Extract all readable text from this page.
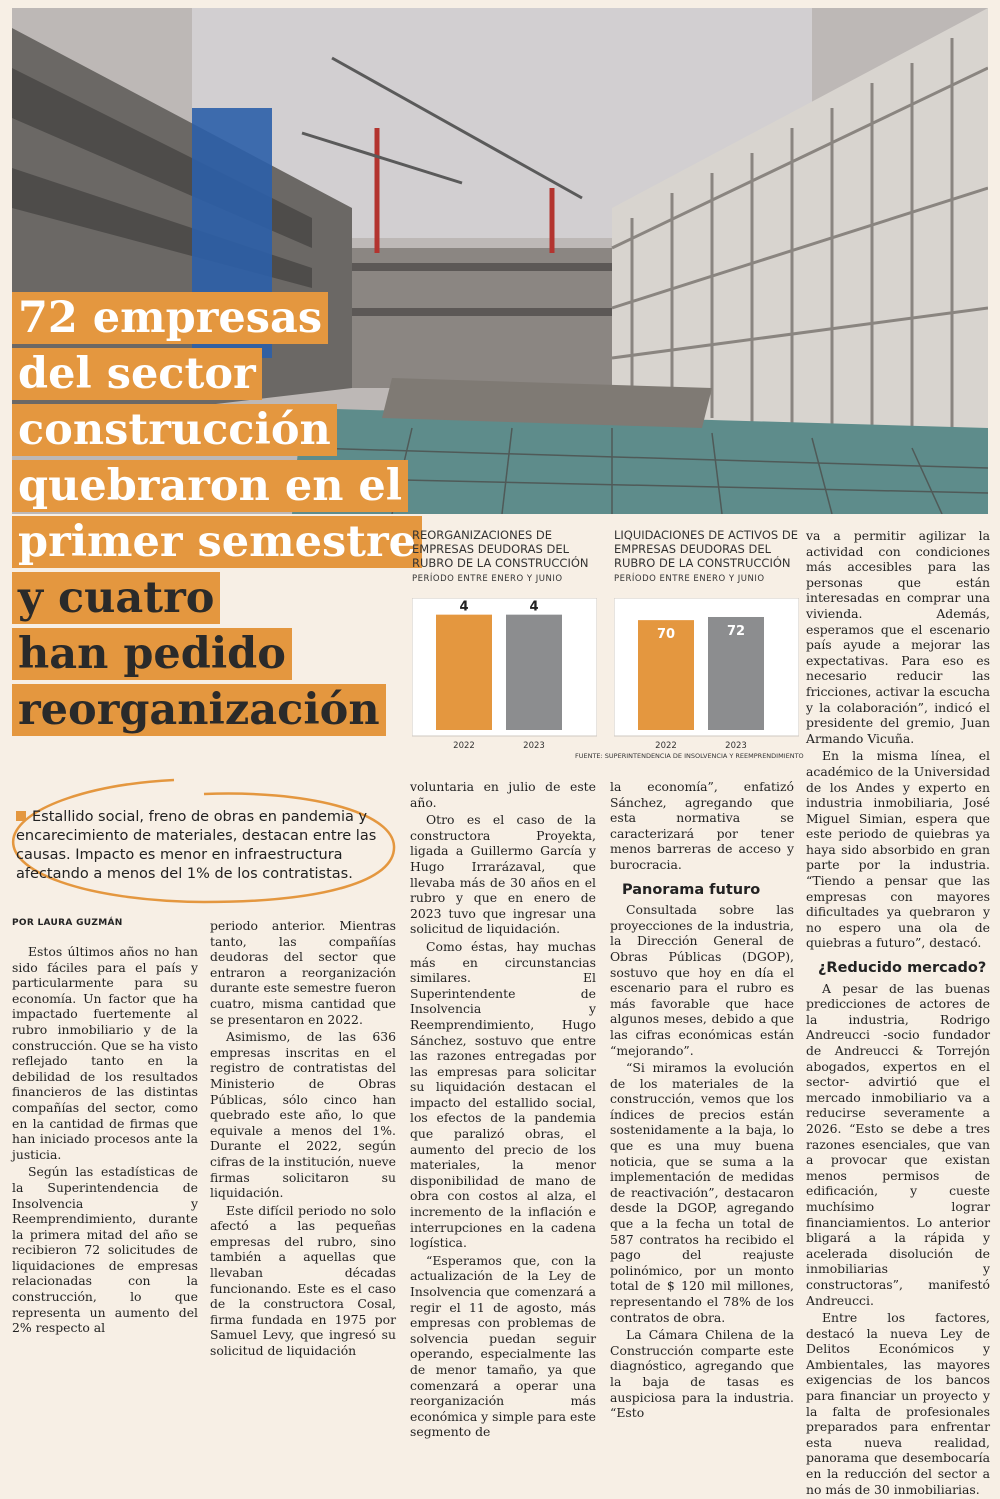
72 empresas
del sector
construcción
quebraron en el
primer semestre
y cuatro
han pedido
reorganización
Estallido social, freno de obras en pandemia y encarecimiento de materiales, destacan entre las causas. Impacto es menor en infraestructura afectando a menos del 1% de los contratistas.
POR LAURA GUZMÁN
REORGANIZACIONES DE EMPRESAS DEUDORAS DEL RUBRO DE LA CONSTRUCCIÓN
PERÍODO ENTRE ENERO Y JUNIO
4
2022
4
2023
LIQUIDACIONES DE ACTIVOS DE EMPRESAS DEUDORAS DEL RUBRO DE LA CONSTRUCCIÓN
PERÍODO ENTRE ENERO Y JUNIO
70
2022
72
2023
FUENTE: SUPERINTENDENCIA DE INSOLVENCIA Y REEMPRENDIMIENTO

Estos últimos años no han sido fáciles para el país y particularmente para su economía. Un factor que ha impactado fuertemente al rubro inmobiliario y de la construcción. Que se ha visto reflejado tanto en la debilidad de los resultados financieros de las distintas compañías del sector, como en la cantidad de firmas que han iniciado procesos ante la justicia.

Según las estadísticas de la Superintendencia de Insolvencia y Reemprendimiento, durante la primera mitad del año se recibieron 72 solicitudes de liquidaciones de empresas relacionadas con la construcción, lo que representa un aumento del 2% respecto al

periodo anterior. Mientras tanto, las compañías deudoras del sector que entraron a reorganización durante este semestre fueron cuatro, misma cantidad que se presentaron en 2022.

Asimismo, de las 636 empresas inscritas en el registro de contratistas del Ministerio de Obras Públicas, sólo cinco han quebrado este año, lo que equivale a menos del 1%. Durante el 2022, según cifras de la institución, nueve firmas solicitaron su liquidación.

Este difícil periodo no solo afectó a las pequeñas empresas del rubro, sino también a aquellas que llevaban décadas funcionando. Este es el caso de la constructora Cosal, firma fundada en 1975 por Samuel Levy, que ingresó su solicitud de liquidación

voluntaria en julio de este año.

Otro es el caso de la constructora Proyekta, ligada a Guillermo García y Hugo Irrarázaval, que llevaba más de 30 años en el rubro y que en enero de 2023 tuvo que ingresar una solicitud de liquidación.

Como éstas, hay muchas más en circunstancias similares. El Superintendente de Insolvencia y Reemprendimiento, Hugo Sánchez, sostuvo que entre las razones entregadas por las empresas para solicitar su liquidación destacan el impacto del estallido social, los efectos de la pandemia que paralizó obras, el aumento del precio de los materiales, la menor disponibilidad de mano de obra con costos al alza, el incremento de la inflación e interrupciones en la cadena logística.

“Esperamos que, con la actualización de la Ley de Insolvencia que comenzará a regir el 11 de agosto, más empresas con problemas de solvencia puedan seguir operando, especialmente las de menor tamaño, ya que comenzará a operar una reorganización más económica y simple para este segmento de

la economía”, enfatizó Sánchez, agregando que esta normativa se caracterizará por tener menos barreras de acceso y burocracia.

Panorama futuro

Consultada sobre las proyecciones de la industria, la Dirección General de Obras Públicas (DGOP), sostuvo que hoy en día el escenario para el rubro es más favorable que hace algunos meses, debido a que las cifras económicas están “mejorando”.

“Si miramos la evolución de los materiales de la construcción, vemos que los índices de precios están sostenidamente a la baja, lo que es una muy buena noticia, que se suma a la implementación de medidas de reactivación”, destacaron desde la DGOP, agregando que a la fecha un total de 587 contratos ha recibido el pago del reajuste polinómico, por un monto total de $ 120 mil millones, representando el 78% de los contratos de obra.

La Cámara Chilena de la Construcción comparte este diagnóstico, agregando que la baja de tasas es auspiciosa para la industria. “Esto

va a permitir agilizar la actividad con condiciones más accesibles para las personas que están interesadas en comprar una vivienda. Además, esperamos que el escenario país ayude a mejorar las expectativas. Para eso es necesario reducir las fricciones, activar la escucha y la colaboración”, indicó el presidente del gremio, Juan Armando Vicuña.

En la misma línea, el académico de la Universidad de los Andes y experto en industria inmobiliaria, José Miguel Simian, espera que este periodo de quiebras ya haya sido absorbido en gran parte por la industria. “Tiendo a pensar que las empresas con mayores dificultades ya quebraron y no espero una ola de quiebras a futuro”, destacó.

¿Reducido mercado?

A pesar de las buenas predicciones de actores de la industria, Rodrigo Andreucci -socio fundador de Andreucci & Torrejón abogados, expertos en el sector- advirtió que el mercado inmobiliario va a reducirse severamente a 2026. “Esto se debe a tres razones esenciales, que van a provocar que existan menos permisos de edificación, y cueste muchísimo lograr financiamientos. Lo anterior bligará a la rápida y acelerada disolución de inmobiliarias y constructoras”, manifestó Andreucci.

Entre los factores, destacó la nueva Ley de Delitos Económicos y Ambientales, las mayores exigencias de los bancos para financiar un proyecto y la falta de profesionales preparados para enfrentar esta nueva realidad, panorama que desembocaría en la reducción del sector a no más de 30 inmobiliarias.
